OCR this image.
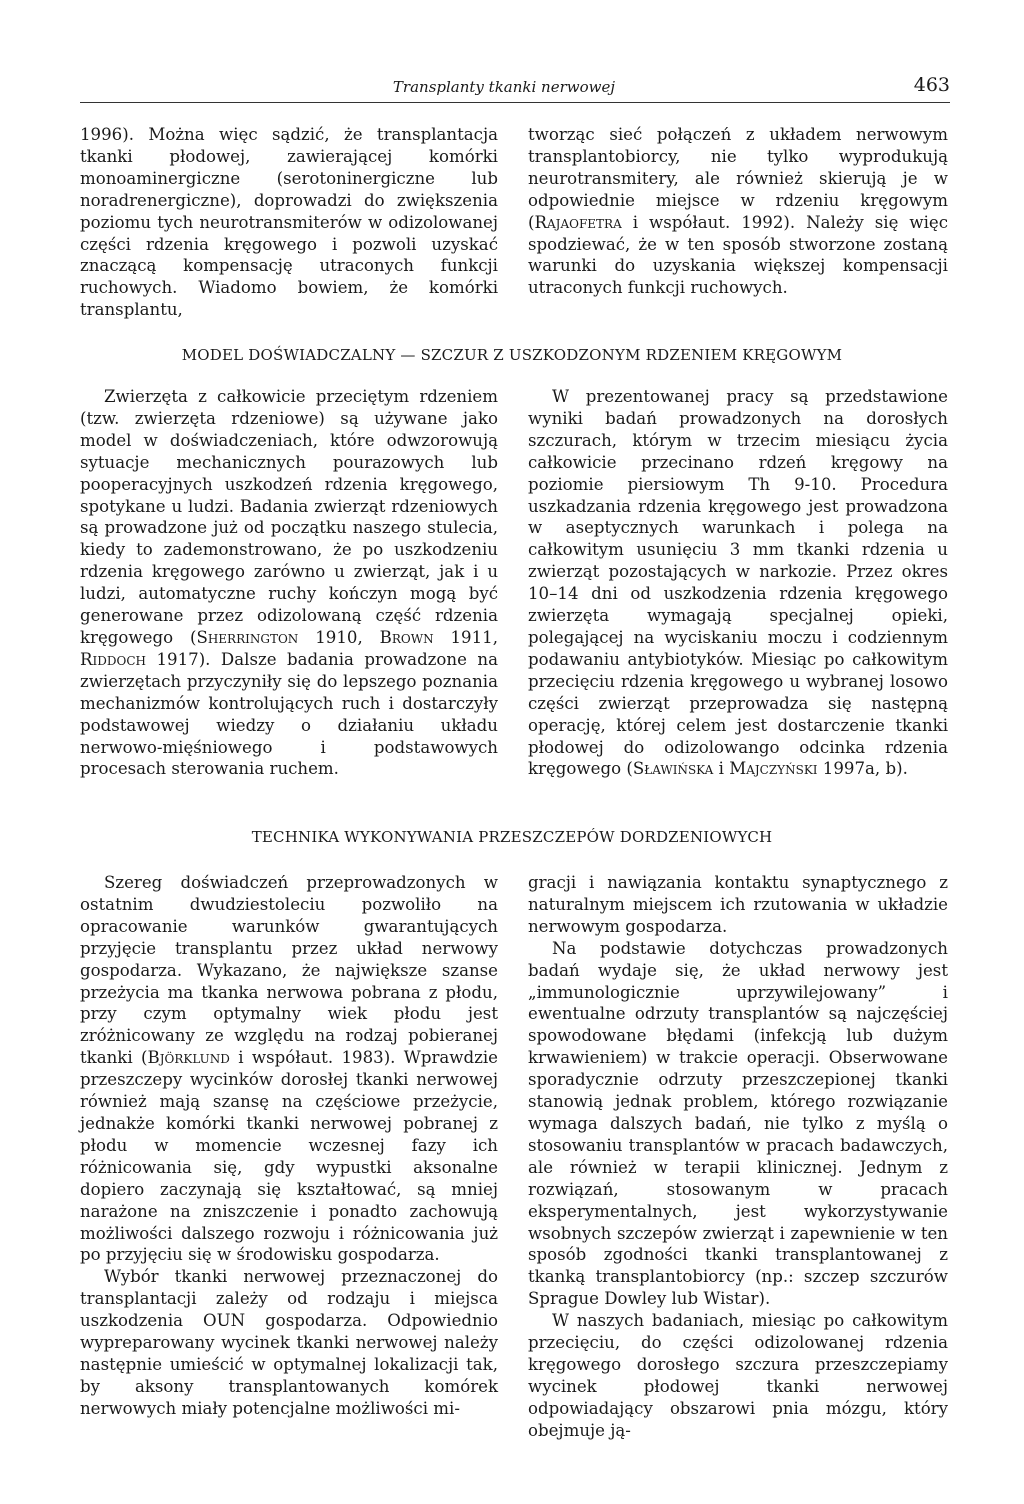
Transplanty tkanki nerwowej	463

1996). Można więc sądzić, że transplantacja tkanki płodowej, zawierającej komórki monoaminergiczne (serotoninergiczne lub noradrenergiczne), doprowadzi do zwiększenia poziomu tych neurotransmiterów w odizolowanej części rdzenia kręgowego i pozwoli uzyskać znaczącą kompensację utraconych funkcji ruchowych. Wiadomo bowiem, że komórki transplantu,

tworząc sieć połączeń z układem nerwowym transplantobiorcy, nie tylko wyprodukują neurotransmitery, ale również skierują je w odpowiednie miejsce w rdzeniu kręgowym (Rajaofetra i współaut. 1992). Należy się więc spodziewać, że w ten sposób stworzone zostaną warunki do uzyskania większej kompensacji utraconych funkcji ruchowych.

MODEL DOŚWIADCZALNY — SZCZUR Z USZKODZONYM RDZENIEM KRĘGOWYM

Zwierzęta z całkowicie przeciętym rdzeniem (tzw. zwierzęta rdzeniowe) są używane jako model w doświadczeniach, które odwzorowują sytuacje mechanicznych pourazowych lub pooperacyjnych uszkodzeń rdzenia kręgowego, spotykane u ludzi. Badania zwierząt rdzeniowych są prowadzone już od początku naszego stulecia, kiedy to zademonstrowano, że po uszkodzeniu rdzenia kręgowego zarówno u zwierząt, jak i u ludzi, automatyczne ruchy kończyn mogą być generowane przez odizolowaną część rdzenia kręgowego (Sherrington 1910, Brown 1911, Riddoch 1917). Dalsze badania prowadzone na zwierzętach przyczyniły się do lepszego poznania mechanizmów kontrolujących ruch i dostarczyły podstawowej wiedzy o działaniu układu nerwowo-mięśniowego i podstawowych procesach sterowania ruchem.

W prezentowanej pracy są przedstawione wyniki badań prowadzonych na dorosłych szczurach, którym w trzecim miesiącu życia całkowicie przecinano rdzeń kręgowy na poziomie piersiowym Th 9-10. Procedura uszkadzania rdzenia kręgowego jest prowadzona w aseptycznych warunkach i polega na całkowitym usunięciu 3 mm tkanki rdzenia u zwierząt pozostających w narkozie. Przez okres 10–14 dni od uszkodzenia rdzenia kręgowego zwierzęta wymagają specjalnej opieki, polegającej na wyciskaniu moczu i codziennym podawaniu antybiotyków. Miesiąc po całkowitym przecięciu rdzenia kręgowego u wybranej losowo części zwierząt przeprowadza się następną operację, której celem jest dostarczenie tkanki płodowej do odizolowango odcinka rdzenia kręgowego (Sławińska i Majczyński 1997a, b).

TECHNIKA WYKONYWANIA PRZESZCZEPÓW DORDZENIOWYCH

Szereg doświadczeń przeprowadzonych w ostatnim dwudziestoleciu pozwoliło na opracowanie warunków gwarantujących przyjęcie transplantu przez układ nerwowy gospodarza. Wykazano, że największe szanse przeżycia ma tkanka nerwowa pobrana z płodu, przy czym optymalny wiek płodu jest zróżnicowany ze względu na rodzaj pobieranej tkanki (Björklund i współaut. 1983). Wprawdzie przeszczepy wycinków dorosłej tkanki nerwowej również mają szansę na częściowe przeżycie, jednakże komórki tkanki nerwowej pobranej z płodu w momencie wczesnej fazy ich różnicowania się, gdy wypustki aksonalne dopiero zaczynają się kształtować, są mniej narażone na zniszczenie i ponadto zachowują możliwości dalszego rozwoju i różnicowania już po przyjęciu się w środowisku gospodarza.

Wybór tkanki nerwowej przeznaczonej do transplantacji zależy od rodzaju i miejsca uszkodzenia OUN gospodarza. Odpowiednio wypreparowany wycinek tkanki nerwowej należy następnie umieścić w optymalnej lokalizacji tak, by aksony transplantowanych komórek nerwowych miały potencjalne możliwości mi-

gracji i nawiązania kontaktu synaptycznego z naturalnym miejscem ich rzutowania w układzie nerwowym gospodarza.

Na podstawie dotychczas prowadzonych badań wydaje się, że układ nerwowy jest „immunologicznie uprzywilejowany” i ewentualne odrzuty transplantów są najczęściej spowodowane błędami (infekcją lub dużym krwawieniem) w trakcie operacji. Obserwowane sporadycznie odrzuty przeszczepionej tkanki stanowią jednak problem, którego rozwiązanie wymaga dalszych badań, nie tylko z myślą o stosowaniu transplantów w pracach badawczych, ale również w terapii klinicznej. Jednym z rozwiązań, stosowanym w pracach eksperymentalnych, jest wykorzystywanie wsobnych szczepów zwierząt i zapewnienie w ten sposób zgodności tkanki transplantowanej z tkanką transplantobiorcy (np.: szczep szczurów Sprague Dowley lub Wistar).

W naszych badaniach, miesiąc po całkowitym przecięciu, do części odizolowanej rdzenia kręgowego dorosłego szczura przeszczepiamy wycinek płodowej tkanki nerwowej odpowiadający obszarowi pnia mózgu, który obejmuje ją-
